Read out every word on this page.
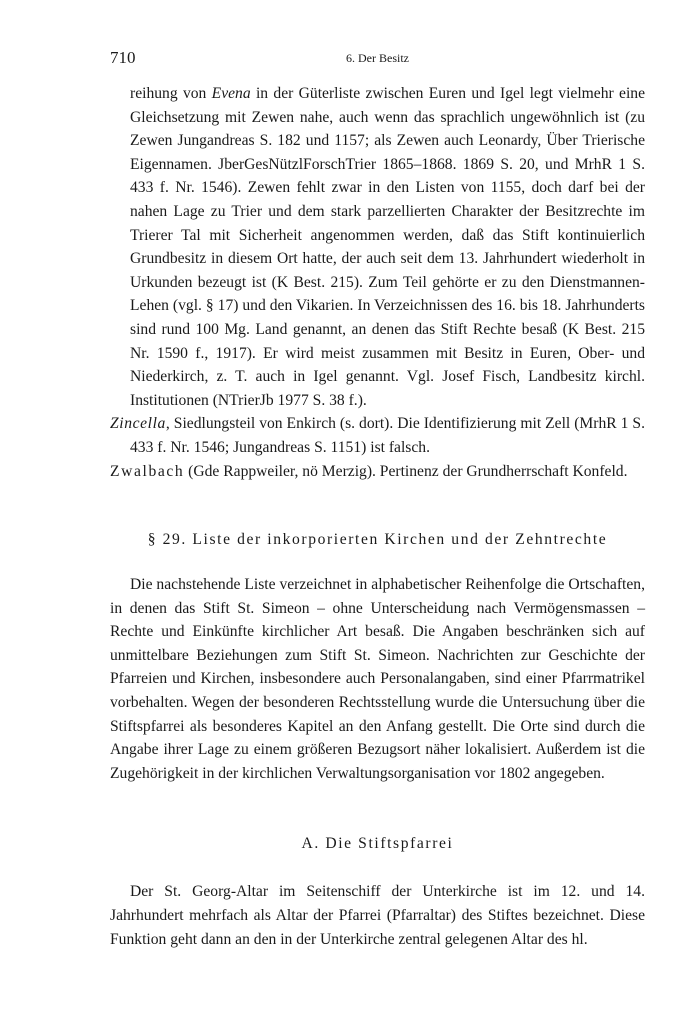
710	6. Der Besitz

reihung von Evena in der Güterliste zwischen Euren und Igel legt vielmehr eine Gleichsetzung mit Zewen nahe, auch wenn das sprachlich ungewöhnlich ist (zu Zewen Jungandreas S. 182 und 1157; als Zewen auch Leonardy, Über Trierische Eigennamen. JberGesNützlForschTrier 1865–1868. 1869 S. 20, und MrhR 1 S. 433 f. Nr. 1546). Zewen fehlt zwar in den Listen von 1155, doch darf bei der nahen Lage zu Trier und dem stark parzellierten Charakter der Besitzrechte im Trierer Tal mit Sicherheit angenommen werden, daß das Stift kontinuierlich Grundbesitz in diesem Ort hatte, der auch seit dem 13. Jahrhundert wiederholt in Urkunden bezeugt ist (K Best. 215). Zum Teil gehörte er zu den Dienstmannen-Lehen (vgl. § 17) und den Vikarien. In Verzeichnissen des 16. bis 18. Jahrhunderts sind rund 100 Mg. Land genannt, an denen das Stift Rechte besaß (K Best. 215 Nr. 1590 f., 1917). Er wird meist zusammen mit Besitz in Euren, Ober- und Niederkirch, z. T. auch in Igel genannt. Vgl. Josef Fisch, Landbesitz kirchl. Institutionen (NTrierJb 1977 S. 38 f.).

Zincella, Siedlungsteil von Enkirch (s. dort). Die Identifizierung mit Zell (MrhR 1 S. 433 f. Nr. 1546; Jungandreas S. 1151) ist falsch.

Zwalbach (Gde Rappweiler, nö Merzig). Pertinenz der Grundherrschaft Konfeld.

§ 29. Liste der inkorporierten Kirchen und der Zehntrechte

Die nachstehende Liste verzeichnet in alphabetischer Reihenfolge die Ortschaften, in denen das Stift St. Simeon – ohne Unterscheidung nach Vermögensmassen – Rechte und Einkünfte kirchlicher Art besaß. Die Angaben beschränken sich auf unmittelbare Beziehungen zum Stift St. Simeon. Nachrichten zur Geschichte der Pfarreien und Kirchen, insbesondere auch Personalangaben, sind einer Pfarrmatrikel vorbehalten. Wegen der besonderen Rechtsstellung wurde die Untersuchung über die Stiftspfarrei als besonderes Kapitel an den Anfang gestellt. Die Orte sind durch die Angabe ihrer Lage zu einem größeren Bezugsort näher lokalisiert. Außerdem ist die Zugehörigkeit in der kirchlichen Verwaltungsorganisation vor 1802 angegeben.

A. Die Stiftspfarrei

Der St. Georg-Altar im Seitenschiff der Unterkirche ist im 12. und 14. Jahrhundert mehrfach als Altar der Pfarrei (Pfarraltar) des Stiftes bezeichnet. Diese Funktion geht dann an den in der Unterkirche zentral gelegenen Altar des hl.
